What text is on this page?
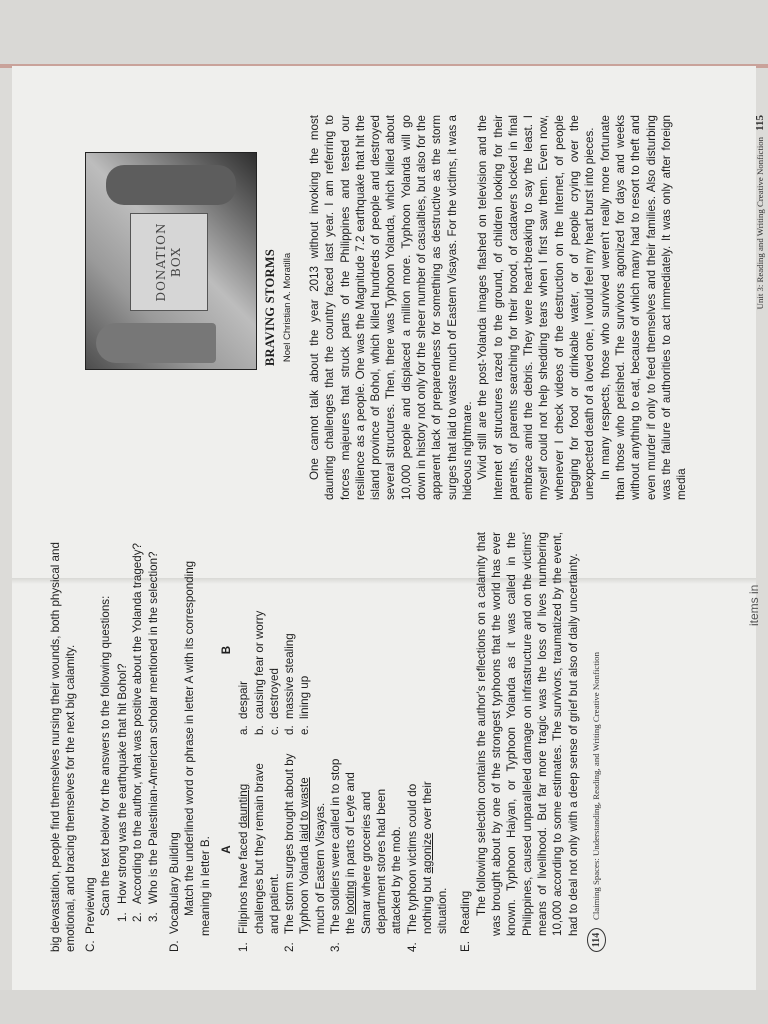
items in

big devastation, people find themselves nursing their wounds, both physical and emotional, and bracing themselves for the next big calamity. C.Previewing Scan the text below for the answers to the following questions:

1.
How strong was the earthquake that hit Bohol?
2.
According to the author, what was positive about the Yolanda tragedy?
3.
Who is the Palestinian-American scholar mentioned in the selection?

D.Vocabulary Building Match the underlined word or phrase in letter A with its corresponding meaning in letter B. A
1.
Filipinos have faced daunting challenges but they remain brave and patient.
2.
The storm surges brought about by Typhoon Yolanda laid to waste much of Eastern Visayas.
3.
The soldiers were called in to stop the looting in parts of Leyte and Samar where groceries and department stores had been attacked by the mob.
4.
The typhoon victims could do nothing but agonize over their situation.
B
a.
despair
b.
causing fear or worry
c.
destroyed
d.
massive stealing
e.
lining up

E.Reading The following selection contains the author's reflections on a calamity that was brought about by one of the strongest typhoons that the world has ever known. Typhoon Haiyan, or Typhoon Yolanda as it was called in the Philippines, caused unparalleled damage on infrastructure and on the victims' means of livelihood. But far more tragic was the loss of lives numbering 10,000 according to some estimates. The survivors, traumatized by the event, had to deal not only with a deep sense of grief but also of daily uncertainty.

114
Claiming Spaces: Understanding, Reading, and Writing Creative Nonfiction
DONATION BOX	BRAVING STORMS Noel Christian A. Moratilla One cannot talk about the year 2013 without invoking the most daunting challenges that the country faced last year. I am referring to forces majeures that struck parts of the Philippines and tested our resilience as a people. One was the Magnitude 7.2 earthquake that hit the island province of Bohol, which killed hundreds of people and destroyed several structures. Then, there was Typhoon Yolanda, which killed about 10,000 people and displaced a million more. Typhoon Yolanda will go down in history not only for the sheer number of casualties, but also for the apparent lack of preparedness for something as destructive as the storm surges that laid to waste much of Eastern Visayas. For the victims, it was a hideous nightmare. Vivid still are the post-Yolanda images flashed on television and the Internet of structures razed to the ground, of children looking for their parents, of parents searching for their brood, of cadavers locked in final embrace amid the debris. They were heart-breaking to say the least. I myself could not help shedding tears when I first saw them. Even now, whenever I check videos of the destruction on the Internet, of people begging for food or drinkable water, or of people crying over the unexpected death of a loved one, I would feel my heart burst into pieces. In many respects, those who survived weren't really more fortunate than those who perished. The survivors agonized for days and weeks without anything to eat, because of which many had to resort to theft and even murder if only to feed themselves and their families. Also disturbing was the failure of authorities to act immediately. It was only after foreign media

Unit 3: Reading and Writing Creative Nonfiction115
